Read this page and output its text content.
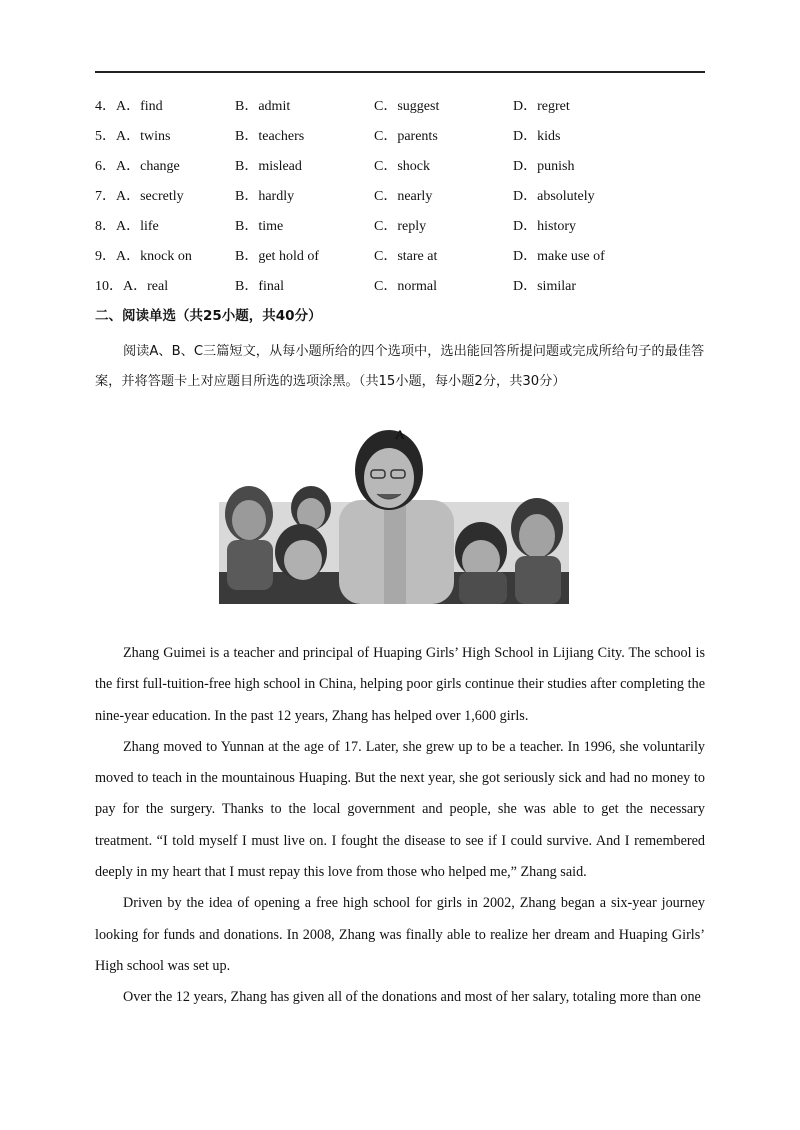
4．A．find	B．admit	C．suggest	D．regret
5．A．twins	B．teachers	C．parents	D．kids
6．A．change	B．mislead	C．shock	D．punish
7．A．secretly	B．hardly	C．nearly	D．absolutely
8．A．life	B．time	C．reply	D．history
9．A．knock on	B．get hold of	C．stare at	D．make use of
10．A．real	B．final	C．normal	D．similar
二、阅读单选（共25小题，共40分）

阅读A、B、C三篇短文，从每小题所给的四个选项中，选出能回答所提问题或完成所给句子的最佳答案，并将答题卡上对应题目所选的选项涂黑。（共15小题，每小题2分，共30分）

A

Zhang Guimei is a teacher and principal of Huaping Girls’ High School in Lijiang City. The school is the first full-tuition-free high school in China, helping poor girls continue their studies after completing the nine-year education. In the past 12 years, Zhang has helped over 1,600 girls.

Zhang moved to Yunnan at the age of 17. Later, she grew up to be a teacher. In 1996, she voluntarily moved to teach in the mountainous Huaping. But the next year, she got seriously sick and had no money to pay for the surgery. Thanks to the local government and people, she was able to get the necessary treatment. “I told myself I must live on. I fought the disease to see if I could survive. And I remembered deeply in my heart that I must repay this love from those who helped me,” Zhang said.

Driven by the idea of opening a free high school for girls in 2002, Zhang began a six-year journey looking for funds and donations. In 2008, Zhang was finally able to realize her dream and Huaping Girls’ High school was set up.

Over the 12 years, Zhang has given all of the donations and most of her salary, totaling more than one
